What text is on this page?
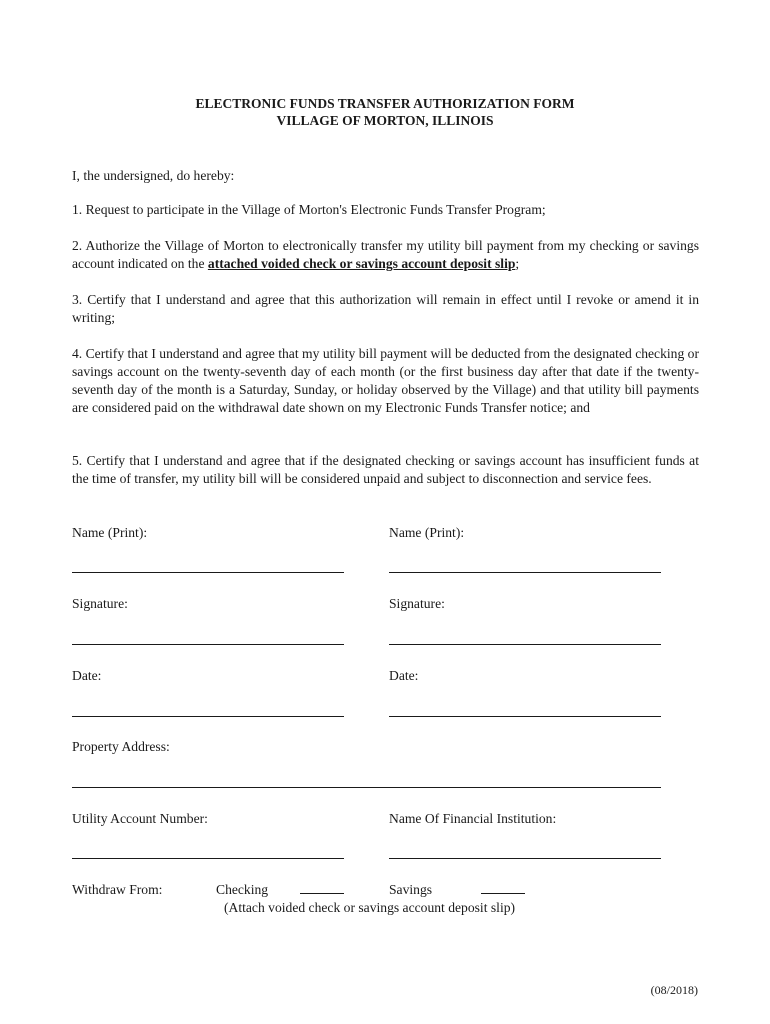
ELECTRONIC FUNDS TRANSFER AUTHORIZATION FORM
VILLAGE OF MORTON, ILLINOIS
I, the undersigned, do hereby:
1. Request to participate in the Village of Morton's Electronic Funds Transfer Program;
2. Authorize the Village of Morton to electronically transfer my utility bill payment from my checking or savings account indicated on the attached voided check or savings account deposit slip;
3. Certify that I understand and agree that this authorization will remain in effect until I revoke or amend it in writing;
4. Certify that I understand and agree that my utility bill payment will be deducted from the designated checking or savings account on the twenty-seventh day of each month (or the first business day after that date if the twenty-seventh day of the month is a Saturday, Sunday, or holiday observed by the Village) and that utility bill payments are considered paid on the withdrawal date shown on my Electronic Funds Transfer notice; and
5. Certify that I understand and agree that if the designated checking or savings account has insufficient funds at the time of transfer, my utility bill will be considered unpaid and subject to disconnection and service fees.
Name (Print):	Name (Print):
Signature:	Signature:
Date:	Date:
Property Address:
Utility Account Number:	Name Of Financial Institution:
Withdraw From:	Checking	Savings
(Attach voided check or savings account deposit slip)
(08/2018)
